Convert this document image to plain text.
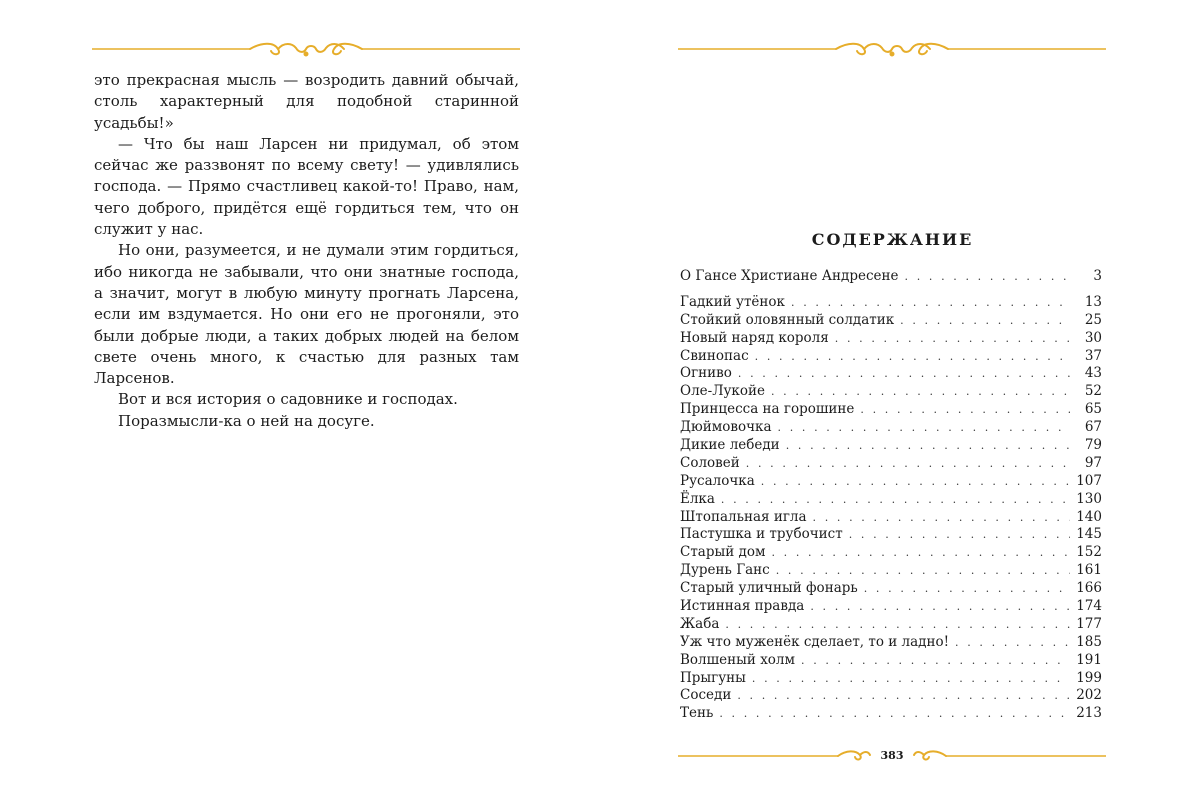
это прекрасная мысль — возродить давний обычай, столь характерный для подобной старинной усадьбы!»

— Что бы наш Ларсен ни придумал, об этом сейчас же раззвонят по всему свету! — удивлялись господа. — Прямо счастливец какой-то! Право, нам, чего доброго, придётся ещё гордиться тем, что он служит у нас.

Но они, разумеется, и не думали этим гордиться, ибо никогда не забывали, что они знатные господа, а значит, могут в любую минуту прогнать Ларсена, если им вздумается. Но они его не прогоняли, это были добрые люди, а таких добрых людей на белом свете очень много, к счастью для разных там Ларсенов.

Вот и вся история о садовнике и господах.

Поразмысли-ка о ней на досуге.

СОДЕРЖАНИЕ
О Гансе Христиане Андресене . . .	3
Гадкий утёнок . . .	13
Стойкий оловянный солдатик . . .	25
Новый наряд короля . . .	30
Свинопас . . .	37
Огниво . . .	43
Оле-Лукойе . . .	52
Принцесса на горошине . . .	65
Дюймовочка . . .	67
Дикие лебеди . . .	79
Соловей . . .	97
Русалочка . . .	107
Ёлка . . .	130
Штопальная игла . . .	140
Пастушка и трубочист . . .	145
Старый дом . . .	152
Дурень Ганс . . .	161
Старый уличный фонарь . . .	166
Истинная правда . . .	174
Жаба . . .	177
Уж что муженёк сделает, то и ладно! . . .	185
Волшеный холм . . .	191
Прыгуны . . .	199
Соседи . . .	202
Тень . . .	213
383
